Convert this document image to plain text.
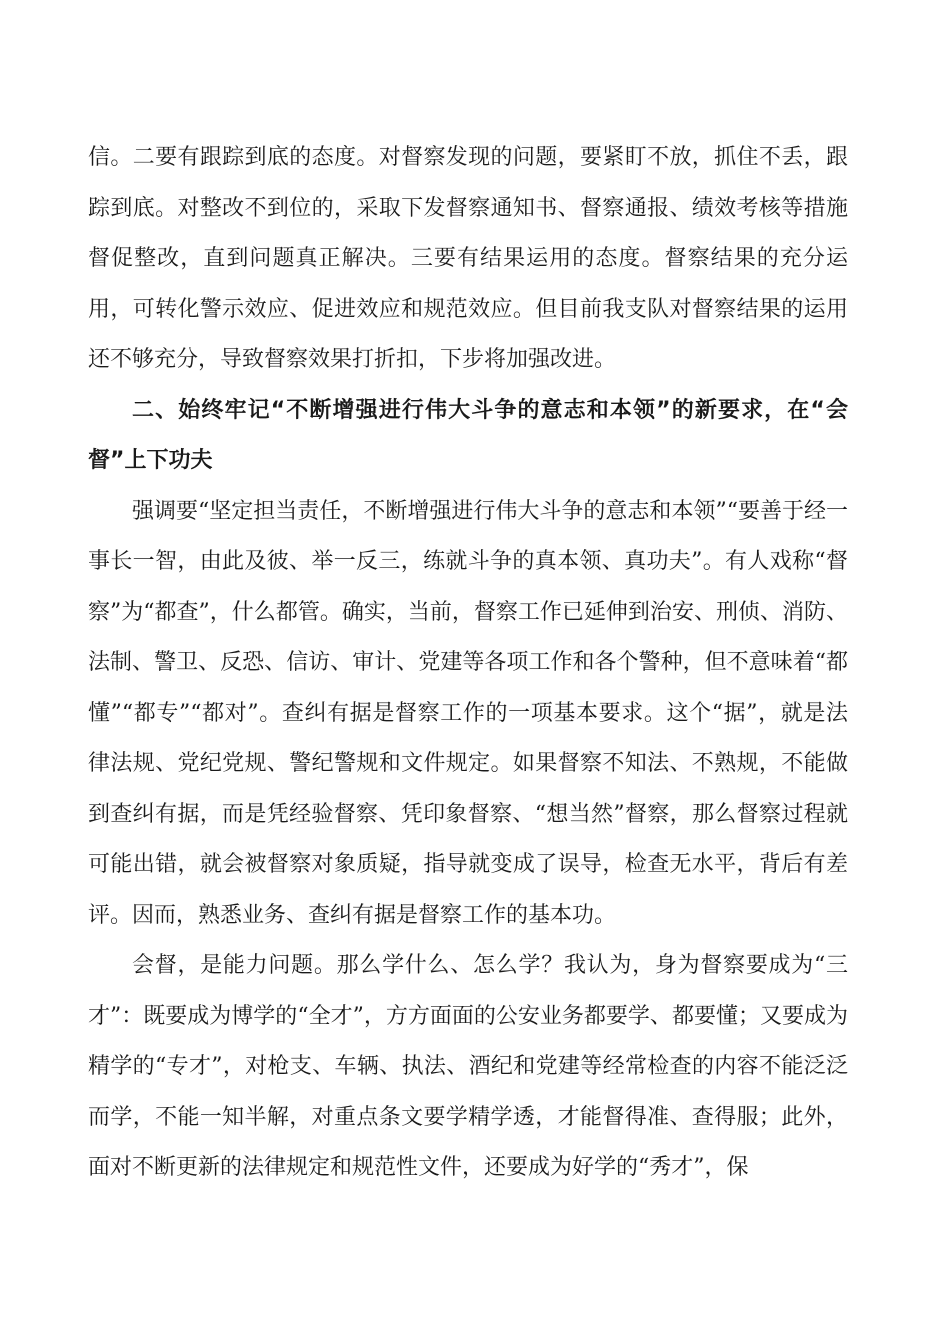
信。二要有跟踪到底的态度。对督察发现的问题，要紧盯不放，抓住不丢，跟踪到底。对整改不到位的，采取下发督察通知书、督察通报、绩效考核等措施督促整改，直到问题真正解决。三要有结果运用的态度。督察结果的充分运用，可转化警示效应、促进效应和规范效应。但目前我支队对督察结果的运用还不够充分，导致督察效果打折扣，下步将加强改进。

二、始终牢记“不断增强进行伟大斗争的意志和本领”的新要求，在“会督”上下功夫

强调要“坚定担当责任，不断增强进行伟大斗争的意志和本领”“要善于经一事长一智，由此及彼、举一反三，练就斗争的真本领、真功夫”。有人戏称“督察”为“都查”，什么都管。确实，当前，督察工作已延伸到治安、刑侦、消防、法制、警卫、反恐、信访、审计、党建等各项工作和各个警种，但不意味着“都懂”“都专”“都对”。查纠有据是督察工作的一项基本要求。这个“据”，就是法律法规、党纪党规、警纪警规和文件规定。如果督察不知法、不熟规，不能做到查纠有据，而是凭经验督察、凭印象督察、“想当然”督察，那么督察过程就可能出错，就会被督察对象质疑，指导就变成了误导，检查无水平，背后有差评。因而，熟悉业务、查纠有据是督察工作的基本功。

会督，是能力问题。那么学什么、怎么学？我认为，身为督察要成为“三才”：既要成为博学的“全才”，方方面面的公安业务都要学、都要懂；又要成为精学的“专才”，对枪支、车辆、执法、酒纪和党建等经常检查的内容不能泛泛而学，不能一知半解，对重点条文要学精学透，才能督得准、查得服；此外，面对不断更新的法律规定和规范性文件，还要成为好学的“秀才”，保
